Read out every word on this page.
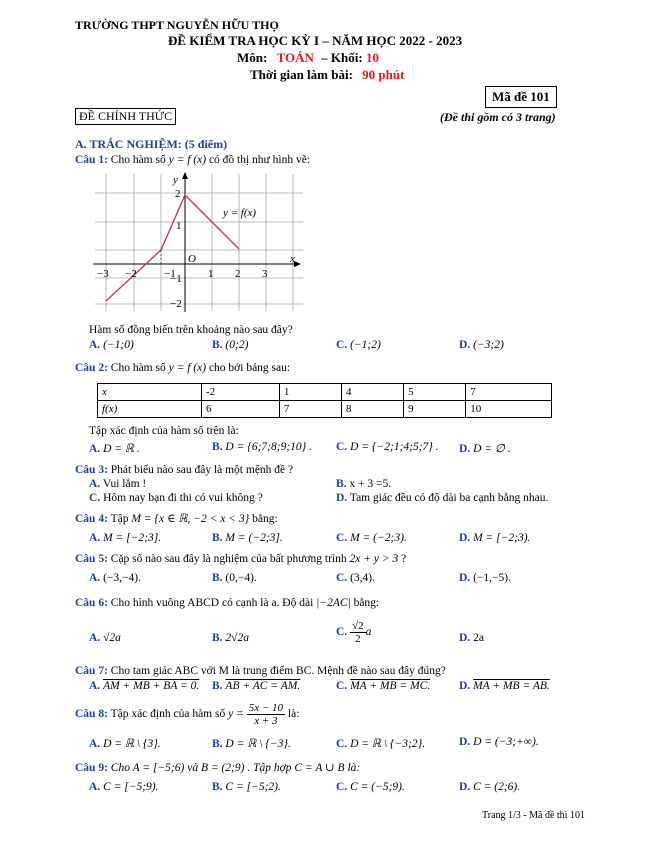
TRƯỜNG THPT NGUYỄN HỮU THỌ
ĐỀ KIỂM TRA HỌC KỲ I – NĂM HỌC 2022 - 2023
Môn: TOÁN – Khối: 10
Thời gian làm bài: 90 phút
Mã đề 101
ĐỀ CHÍNH THỨC	(Đề thi gồm có 3 trang)
A. TRẮC NGHIỆM: (5 điểm)
Câu 1: Cho hàm số y = f (x) có đồ thị như hình vẽ:
y
x
O
y = f(x)
−3 −2 −1	1 2 3
2
1
−1
−2
Hàm số đồng biến trên khoảng nào sau đây?
A. (−1;0)	B. (0;2)	C. (−1;2)	D. (−3;2)
Câu 2: Cho hàm số y = f (x) cho bởi bảng sau:
x	-2	1	4	5	7
f(x)	6	7	8	9	10
Tập xác định của hàm số trên là:
A. D = ℝ .	B. D = {6;7;8;9;10} . C. D = {−2;1;4;5;7} . D. D = ∅ .
Câu 3: Phát biểu nào sau đây là một mệnh đề ?
A. Vui lắm !	B. x + 3 =5.
C. Hôm nay bạn đi thi có vui không ?	D. Tam giác đều có độ dài ba cạnh bằng nhau.
Câu 4: Tập M = {x ∈ ℝ, −2 < x < 3} bằng:
A. M = [−2;3].	B. M = (−2;3].	C. M = (−2;3).	D. M = [−2;3).
Câu 5: Cặp số nào sau đây là nghiệm của bất phương trình 2x + y > 3 ?
A. (−3,−4).	B. (0,−4).	C. (3,4).	D. (−1,−5).
Câu 6: Cho hình vuông ABCD có cạnh là a. Độ dài |−2AC| bằng:
A. √2a	B. 2√2a	C. $\frac{√2}{2}$ a	D. 2a
Câu 7: Cho tam giác ABC với M là trung điểm BC. Mệnh đề nào sau đây đúng?
A. AM + MB + BA = 0. B. AB + AC = AM.	C. MA + MB = MC.	D. MA + MB = AB.
Câu 8: Tập xác định của hàm số $y = \frac{5x - 10}{x + 3}$ là:
A. D = ℝ \ {3}.	B. D = ℝ \ {−3}.	C. D = ℝ \ {−3;2}.	D. D = (−3;+∞).
Câu 9: Cho A = [−5;6) và B = (2;9) . Tập hợp C = A ∪ B là:
A. C = [−5;9).	B. C = [−5;2).	C. C = (−5;9).	D. C = (2;6).
Trang 1/3 - Mã đề thi 101
